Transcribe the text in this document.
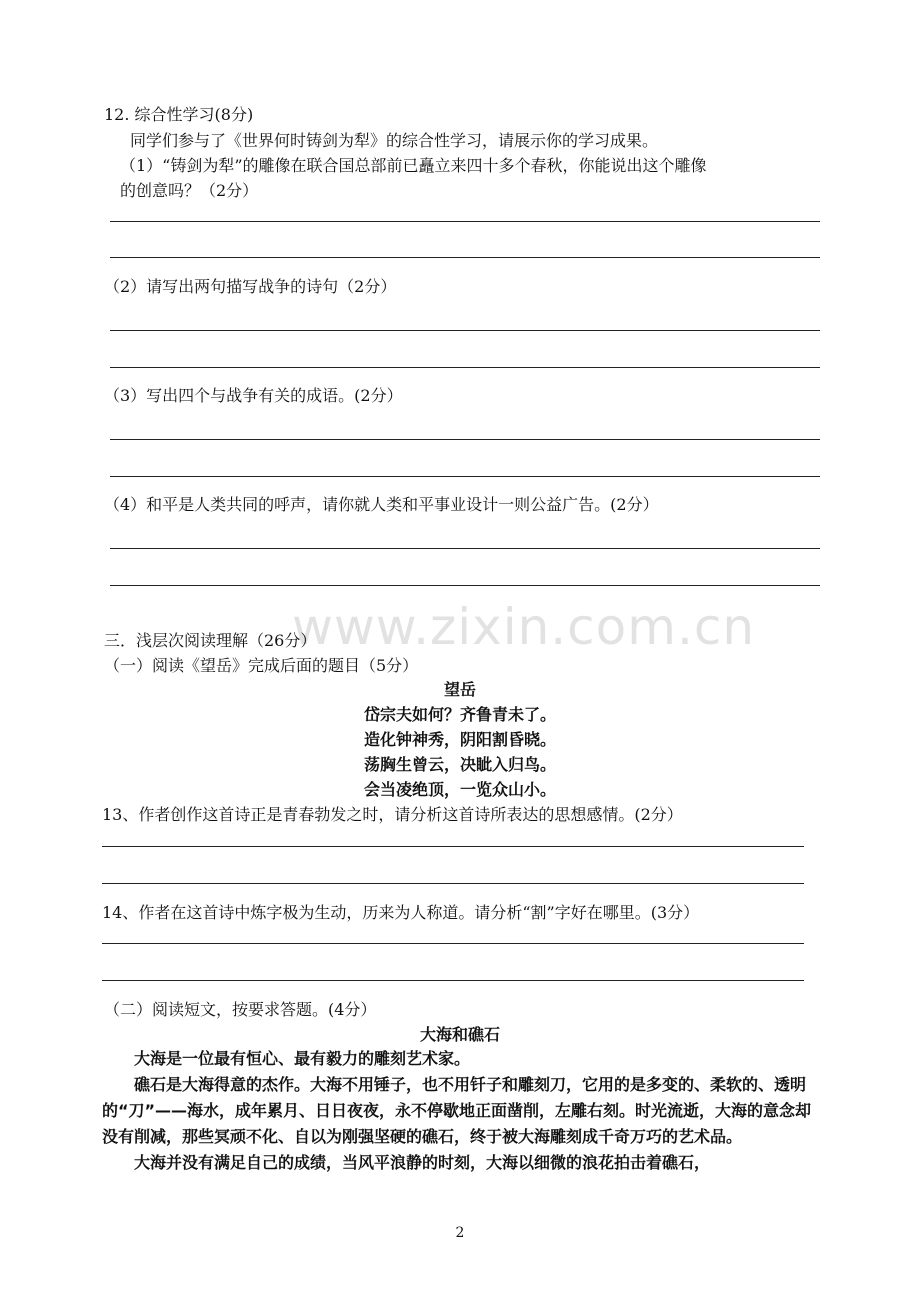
12. 综合性学习(8分)
同学们参与了《世界何时铸剑为犁》的综合性学习，请展示你的学习成果。
（1）“铸剑为犁”的雕像在联合国总部前已矗立来四十多个春秋，你能说出这个雕像
的创意吗？（2分）
（2）请写出两句描写战争的诗句（2分）
（3）写出四个与战争有关的成语。(2分）
（4）和平是人类共同的呼声，请你就人类和平事业设计一则公益广告。(2分）
www.zixin.com.cn
三．浅层次阅读理解（26分）
（一）阅读《望岳》完成后面的题目（5分）
望岳
岱宗夫如何？齐鲁青未了。
造化钟神秀，阴阳割昏晓。
荡胸生曾云，决眦入归鸟。
会当凌绝顶，一览众山小。
13、作者创作这首诗正是青春勃发之时，请分析这首诗所表达的思想感情。(2分）
14、作者在这首诗中炼字极为生动，历来为人称道。请分析“割”字好在哪里。(3分）
（二）阅读短文，按要求答题。(4分）
大海和礁石

大海是一位最有恒心、最有毅力的雕刻艺术家。

礁石是大海得意的杰作。大海不用锤子，也不用钎子和雕刻刀，它用的是多变的、柔软的、透明的“刀”——海水，成年累月、日日夜夜，永不停歇地正面凿削，左雕右刻。时光流逝，大海的意念却没有削减，那些冥顽不化、自以为刚强坚硬的礁石，终于被大海雕刻成千奇万巧的艺术品。

大海并没有满足自己的成绩，当风平浪静的时刻，大海以细微的浪花拍击着礁石，

2
